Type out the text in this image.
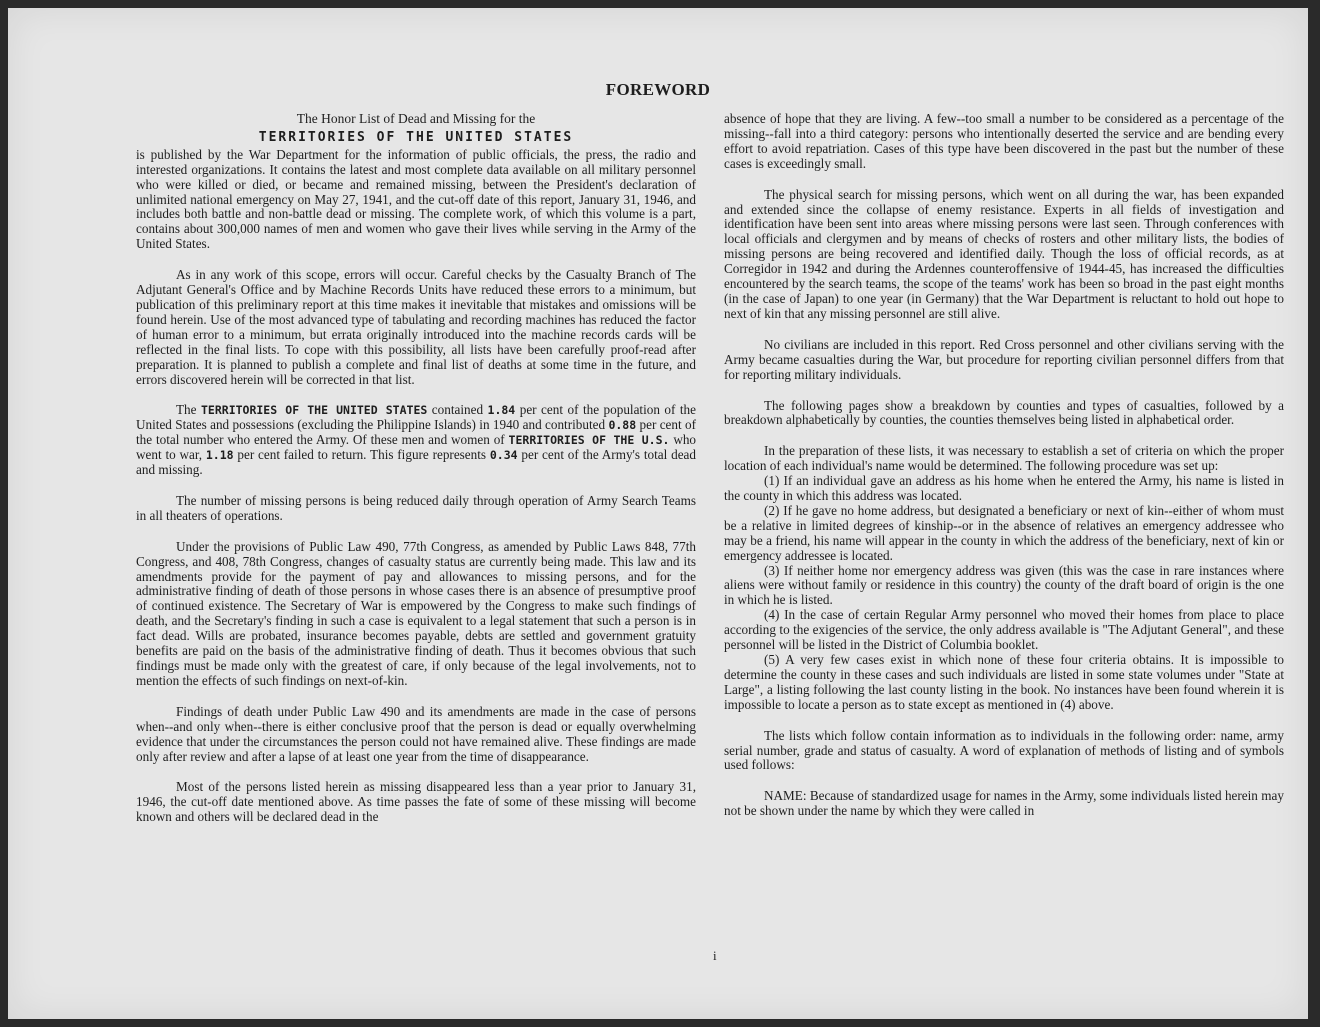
FOREWORD

The Honor List of Dead and Missing for the

TERRITORIES OF THE UNITED STATES

is published by the War Department for the information of public officials, the press, the radio and interested organizations. It contains the latest and most complete data available on all military personnel who were killed or died, or became and remained missing, between the President's declaration of unlimited national emergency on May 27, 1941, and the cut-off date of this report, January 31, 1946, and includes both battle and non-battle dead or missing. The complete work, of which this volume is a part, contains about 300,000 names of men and women who gave their lives while serving in the Army of the United States.

As in any work of this scope, errors will occur. Careful checks by the Casualty Branch of The Adjutant General's Office and by Machine Records Units have reduced these errors to a minimum, but publication of this preliminary report at this time makes it inevitable that mistakes and omissions will be found herein. Use of the most advanced type of tabulating and recording machines has reduced the factor of human error to a minimum, but errata originally introduced into the machine records cards will be reflected in the final lists. To cope with this possibility, all lists have been carefully proof-read after preparation. It is planned to publish a complete and final list of deaths at some time in the future, and errors discovered herein will be corrected in that list.

The TERRITORIES OF THE UNITED STATES contained 1.84 per cent of the population of the United States and possessions (excluding the Philippine Islands) in 1940 and contributed 0.88 per cent of the total number who entered the Army. Of these men and women of TERRITORIES OF THE U.S. who went to war, 1.18 per cent failed to return. This figure represents 0.34 per cent of the Army's total dead and missing.

The number of missing persons is being reduced daily through operation of Army Search Teams in all theaters of operations.

Under the provisions of Public Law 490, 77th Congress, as amended by Public Laws 848, 77th Congress, and 408, 78th Congress, changes of casualty status are currently being made. This law and its amendments provide for the payment of pay and allowances to missing persons, and for the administrative finding of death of those persons in whose cases there is an absence of presumptive proof of continued existence. The Secretary of War is empowered by the Congress to make such findings of death, and the Secretary's finding in such a case is equivalent to a legal statement that such a person is in fact dead. Wills are probated, insurance becomes payable, debts are settled and government gratuity benefits are paid on the basis of the administrative finding of death. Thus it becomes obvious that such findings must be made only with the greatest of care, if only because of the legal involvements, not to mention the effects of such findings on next-of-kin.

Findings of death under Public Law 490 and its amendments are made in the case of persons when--and only when--there is either conclusive proof that the person is dead or equally overwhelming evidence that under the circumstances the person could not have remained alive. These findings are made only after review and after a lapse of at least one year from the time of disappearance.

Most of the persons listed herein as missing disappeared less than a year prior to January 31, 1946, the cut-off date mentioned above. As time passes the fate of some of these missing will become known and others will be declared dead in the

absence of hope that they are living. A few--too small a number to be considered as a percentage of the missing--fall into a third category: persons who intentionally deserted the service and are bending every effort to avoid repatriation. Cases of this type have been discovered in the past but the number of these cases is exceedingly small.

The physical search for missing persons, which went on all during the war, has been expanded and extended since the collapse of enemy resistance. Experts in all fields of investigation and identification have been sent into areas where missing persons were last seen. Through conferences with local officials and clergymen and by means of checks of rosters and other military lists, the bodies of missing persons are being recovered and identified daily. Though the loss of official records, as at Corregidor in 1942 and during the Ardennes counteroffensive of 1944-45, has increased the difficulties encountered by the search teams, the scope of the teams' work has been so broad in the past eight months (in the case of Japan) to one year (in Germany) that the War Department is reluctant to hold out hope to next of kin that any missing personnel are still alive.

No civilians are included in this report. Red Cross personnel and other civilians serving with the Army became casualties during the War, but procedure for reporting civilian personnel differs from that for reporting military individuals.

The following pages show a breakdown by counties and types of casualties, followed by a breakdown alphabetically by counties, the counties themselves being listed in alphabetical order.

In the preparation of these lists, it was necessary to establish a set of criteria on which the proper location of each individual's name would be determined. The following procedure was set up:

(1) If an individual gave an address as his home when he entered the Army, his name is listed in the county in which this address was located.

(2) If he gave no home address, but designated a beneficiary or next of kin--either of whom must be a relative in limited degrees of kinship--or in the absence of relatives an emergency addressee who may be a friend, his name will appear in the county in which the address of the beneficiary, next of kin or emergency addressee is located.

(3) If neither home nor emergency address was given (this was the case in rare instances where aliens were without family or residence in this country) the county of the draft board of origin is the one in which he is listed.

(4) In the case of certain Regular Army personnel who moved their homes from place to place according to the exigencies of the service, the only address available is "The Adjutant General", and these personnel will be listed in the District of Columbia booklet.

(5) A very few cases exist in which none of these four criteria obtains. It is impossible to determine the county in these cases and such individuals are listed in some state volumes under "State at Large", a listing following the last county listing in the book. No instances have been found wherein it is impossible to locate a person as to state except as mentioned in (4) above.

The lists which follow contain information as to individuals in the following order: name, army serial number, grade and status of casualty. A word of explanation of methods of listing and of symbols used follows:

NAME: Because of standardized usage for names in the Army, some individuals listed herein may not be shown under the name by which they were called in

i
